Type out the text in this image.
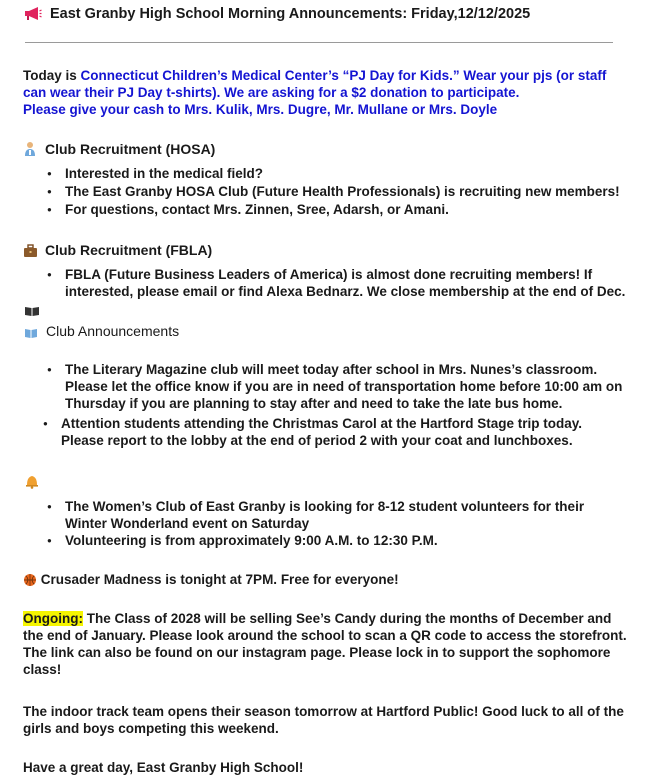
East Granby High School Morning Announcements: Friday,12/12/2025
Today is Connecticut Children’s Medical Center’s “PJ Day for Kids.” Wear your pjs (or staff
can wear their PJ Day t-shirts). We are asking for a $2 donation to participate.
Please give your cash to Mrs. Kulik, Mrs. Dugre, Mr. Mullane or Mrs. Doyle
Club Recruitment (HOSA)
● Interested in the medical field?
● The East Granby HOSA Club (Future Health Professionals) is recruiting new members!
● For questions, contact Mrs. Zinnen, Sree, Adarsh, or Amani.
Club Recruitment (FBLA)
● FBLA (Future Business Leaders of America) is almost done recruiting members! If
interested, please email or find Alexa Bednarz. We close membership at the end of Dec.
Club Announcements
● The Literary Magazine club will meet today after school in Mrs. Nunes’s classroom.
Please let the office know if you are in need of transportation home before 10:00 am on
Thursday if you are planning to stay after and need to take the late bus home.
● Attention students attending the Christmas Carol at the Hartford Stage trip today.
Please report to the lobby at the end of period 2 with your coat and lunchboxes.
● The Women’s Club of East Granby is looking for 8-12 student volunteers for their
Winter Wonderland event on Saturday
● Volunteering is from approximately 9:00 A.M. to 12:30 P.M.
Crusader Madness is tonight at 7PM. Free for everyone!
Ongoing: The Class of 2028 will be selling See’s Candy during the months of December and
the end of January. Please look around the school to scan a QR code to access the storefront.
The link can also be found on our instagram page. Please lock in to support the sophomore
class!
The indoor track team opens their season tomorrow at Hartford Public! Good luck to all of the
girls and boys competing this weekend.
Have a great day, East Granby High School!
